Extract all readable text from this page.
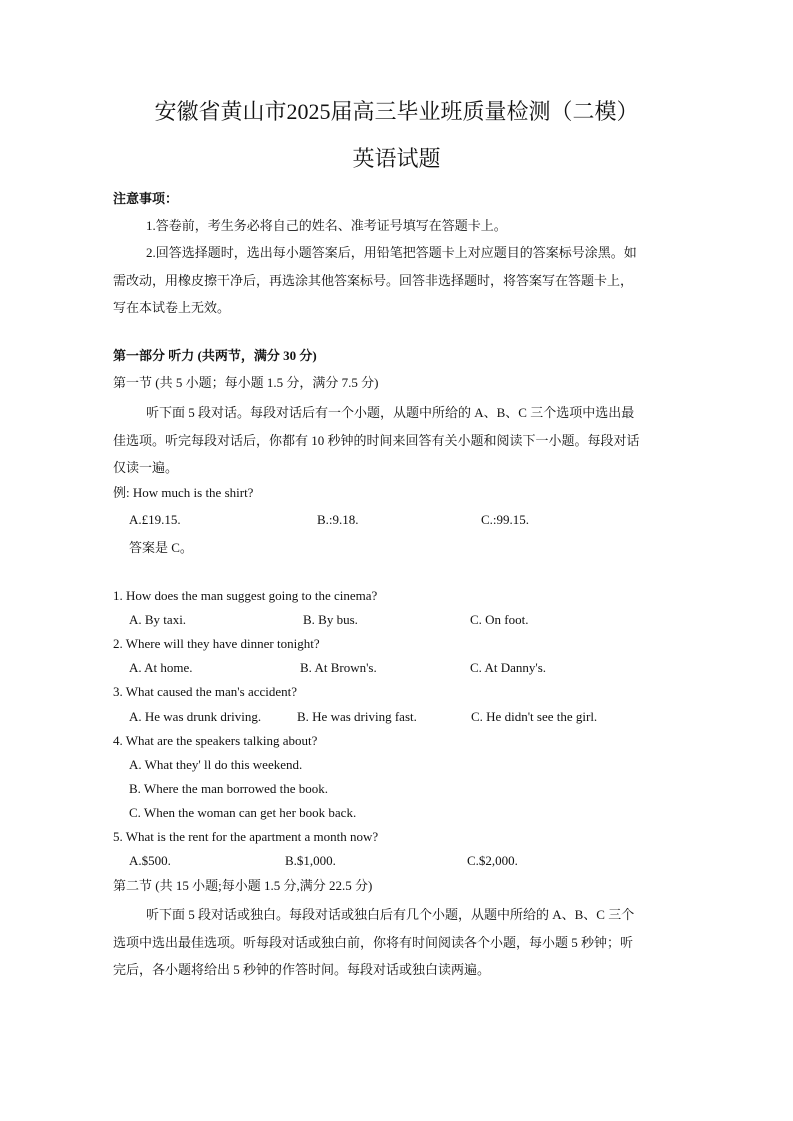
安徽省黄山市2025届高三毕业班质量检测（二模）
英语试题
注意事项：
1.答卷前，考生务必将自己的姓名、准考证号填写在答题卡上。
2.回答选择题时，选出每小题答案后，用铅笔把答题卡上对应题目的答案标号涂黑。如
需改动，用橡皮擦干净后，再选涂其他答案标号。回答非选择题时，将答案写在答题卡上，
写在本试卷上无效。
第一部分 听力 (共两节，满分 30 分)
第一节 (共 5 小题；每小题 1.5 分，满分 7.5 分)
听下面 5 段对话。每段对话后有一个小题，从题中所给的 A、B、C 三个选项中选出最
佳选项。听完每段对话后，你都有 10 秒钟的时间来回答有关小题和阅读下一小题。每段对话
仅读一遍。
例: How much is the shirt?
A.£19.15.	B.:9.18.	C.:99.15.
答案是 C。
1. How does the man suggest going to the cinema?
A. By taxi.	B. By bus.	C. On foot.
2. Where will they have dinner tonight?
A. At home.	B. At Brown's.	C. At Danny's.
3. What caused the man's accident?
A. He was drunk driving.	B. He was driving fast.	C. He didn't see the girl.
4. What are the speakers talking about?
A. What they' ll do this weekend.
B. Where the man borrowed the book.
C. When the woman can get her book back.
5. What is the rent for the apartment a month now?
A.$500.	B.$1,000.	C.$2,000.
第二节 (共 15 小题;每小题 1.5 分,满分 22.5 分)
听下面 5 段对话或独白。每段对话或独白后有几个小题，从题中所给的 A、B、C 三个
选项中选出最佳选项。听每段对话或独白前，你将有时间阅读各个小题，每小题 5 秒钟；听
完后，各小题将给出 5 秒钟的作答时间。每段对话或独白读两遍。
